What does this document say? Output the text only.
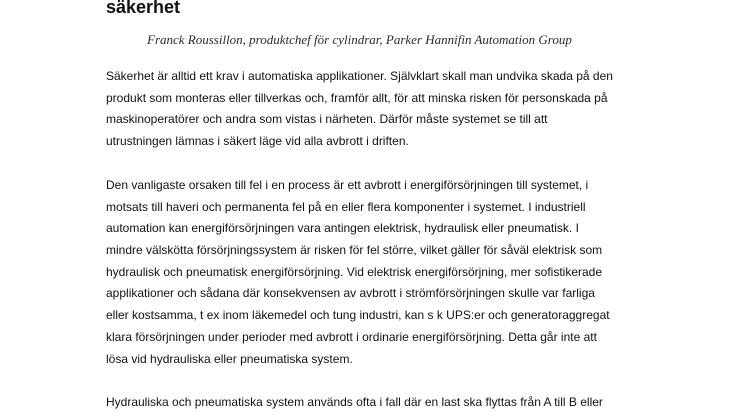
säkerhet

Franck Roussillon, produktchef för cylindrar, Parker Hannifin Automation Group

Säkerhet är alltid ett krav i automatiska applikationer. Självklart skall man undvika skada på den
produkt som monteras eller tillverkas och, framför allt, för att minska risken för personskada på
maskinoperatörer och andra som vistas i närheten. Därför måste systemet se till att
utrustningen lämnas i säkert läge vid alla avbrott i driften.

Den vanligaste orsaken till fel i en process är ett avbrott i energiförsörjningen till systemet, i
motsats till haveri och permanenta fel på en eller flera komponenter i systemet. I industriell
automation kan energiförsörjningen vara antingen elektrisk, hydraulisk eller pneumatisk. I
mindre välskötta försörjningssystem är risken för fel större, vilket gäller för såväl elektrisk som
hydraulisk och pneumatisk energiförsörjning. Vid elektrisk energiförsörjning, mer sofistikerade
applikationer och sådana där konsekvensen av avbrott i strömförsörjningen skulle var farliga
eller kostsamma, t ex inom läkemedel och tung industri, kan s k UPS:er och generatoraggregat
klara försörjningen under perioder med avbrott i ordinarie energiförsörjning. Detta går inte att
lösa vid hydrauliska eller pneumatiska system.

Hydrauliska och pneumatiska system används ofta i fall där en last ska flyttas från A till B eller
